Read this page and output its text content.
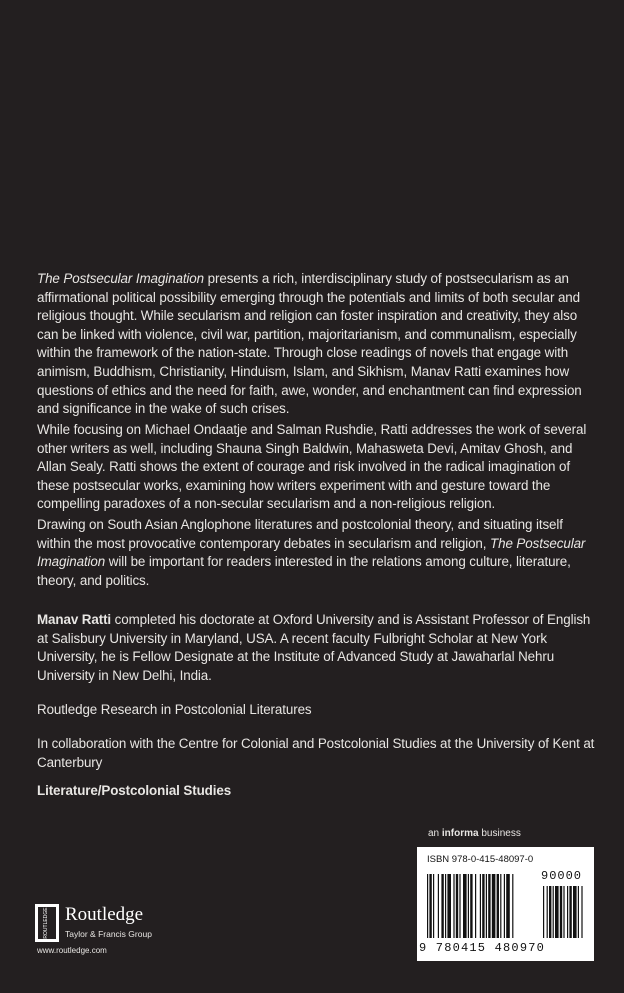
The Postsecular Imagination presents a rich, interdisciplinary study of postsecularism as an affirmational political possibility emerging through the potentials and limits of both secular and religious thought. While secularism and religion can foster inspiration and creativity, they also can be linked with violence, civil war, partition, majoritarianism, and communalism, especially within the framework of the nation-state. Through close readings of novels that engage with animism, Buddhism, Christianity, Hinduism, Islam, and Sikhism, Manav Ratti examines how questions of ethics and the need for faith, awe, wonder, and enchantment can find expression and significance in the wake of such crises.

While focusing on Michael Ondaatje and Salman Rushdie, Ratti addresses the work of several other writers as well, including Shauna Singh Baldwin, Mahasweta Devi, Amitav Ghosh, and Allan Sealy. Ratti shows the extent of courage and risk involved in the radical imagination of these postsecular works, examining how writers experiment with and gesture toward the compelling paradoxes of a non-secular secularism and a non-religious religion.

Drawing on South Asian Anglophone literatures and postcolonial theory, and situating itself within the most provocative contemporary debates in secularism and religion, The Postsecular Imagination will be important for readers interested in the relations among culture, literature, theory, and politics.

Manav Ratti completed his doctorate at Oxford University and is Assistant Professor of English at Salisbury University in Maryland, USA. A recent faculty Fulbright Scholar at New York University, he is Fellow Designate at the Institute of Advanced Study at Jawaharlal Nehru University in New Delhi, India.

Routledge Research in Postcolonial Literatures
In collaboration with the Centre for Colonial and Postcolonial Studies at the University of Kent at Canterbury
Literature/Postcolonial Studies
an informa business
ISBN 978-0-415-48097-0
90000
9 780415 480970
ROUTLEDGE Routledge
Taylor & Francis Group
www.routledge.com
